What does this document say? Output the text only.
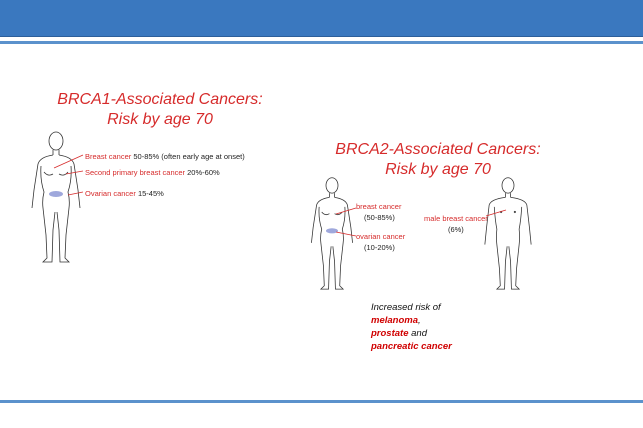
BRCA1-Associated Cancers:
Risk by age 70
Breast cancer 50-85% (often early age at onset)
Second primary breast cancer 20%-60%
Ovarian cancer 15-45%
BRCA2-Associated Cancers:
Risk by age 70
breast cancer
(50-85%)
ovarian cancer
(10-20%)
male breast cancer
(6%)
Increased risk of
melanoma,
prostate and
pancreatic cancer
